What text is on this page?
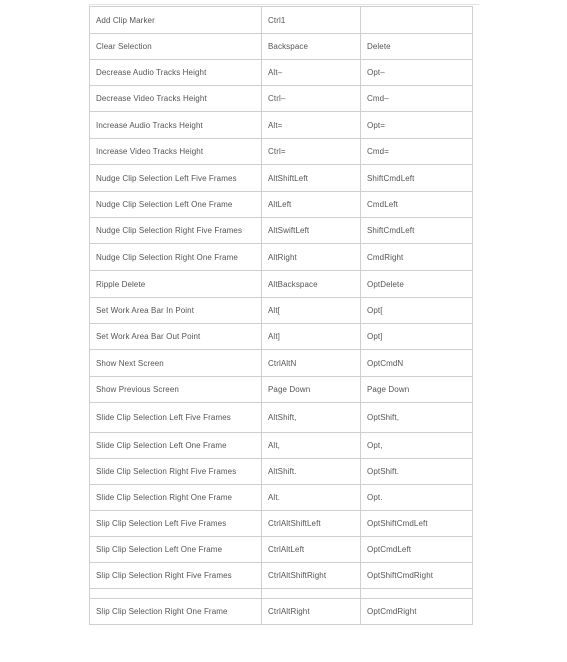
Add Clip Marker	Ctrl1	
Clear Selection	Backspace	Delete
Decrease Audio Tracks Height	Alt–	Opt–
Decrease Video Tracks Height	Ctrl–	Cmd–
Increase Audio Tracks Height	Alt=	Opt=
Increase Video Tracks Height	Ctrl=	Cmd=
Nudge Clip Selection Left Five Frames	AltShiftLeft	ShiftCmdLeft
Nudge Clip Selection Left One Frame	AltLeft	CmdLeft
Nudge Clip Selection Right Five Frames	AltSwiftLeft	ShiftCmdLeft
Nudge Clip Selection Right One Frame	AltRight	CmdRight
Ripple Delete	AltBackspace	OptDelete
Set Work Area Bar In Point	Alt[	Opt[
Set Work Area Bar Out Point	Alt]	Opt]
Show Next Screen	CtrlAltN	OptCmdN
Show Previous Screen	Page Down	Page Down
Slide Clip Selection Left Five Frames	AltShift,	OptShift,
Slide Clip Selection Left One Frame	Alt,	Opt,
Slide Clip Selection Right Five Frames	AltShift.	OptShift.
Slide Clip Selection Right One Frame	Alt.	Opt.
Slip Clip Selection Left Five Frames	CtrlAltShiftLeft	OptShiftCmdLeft
Slip Clip Selection Left One Frame	CtrlAltLeft	OptCmdLeft
Slip Clip Selection Right Five Frames	CtrlAltShiftRight	OptShiftCmdRight

Slip Clip Selection Right One Frame	CtrlAltRight	OptCmdRight
